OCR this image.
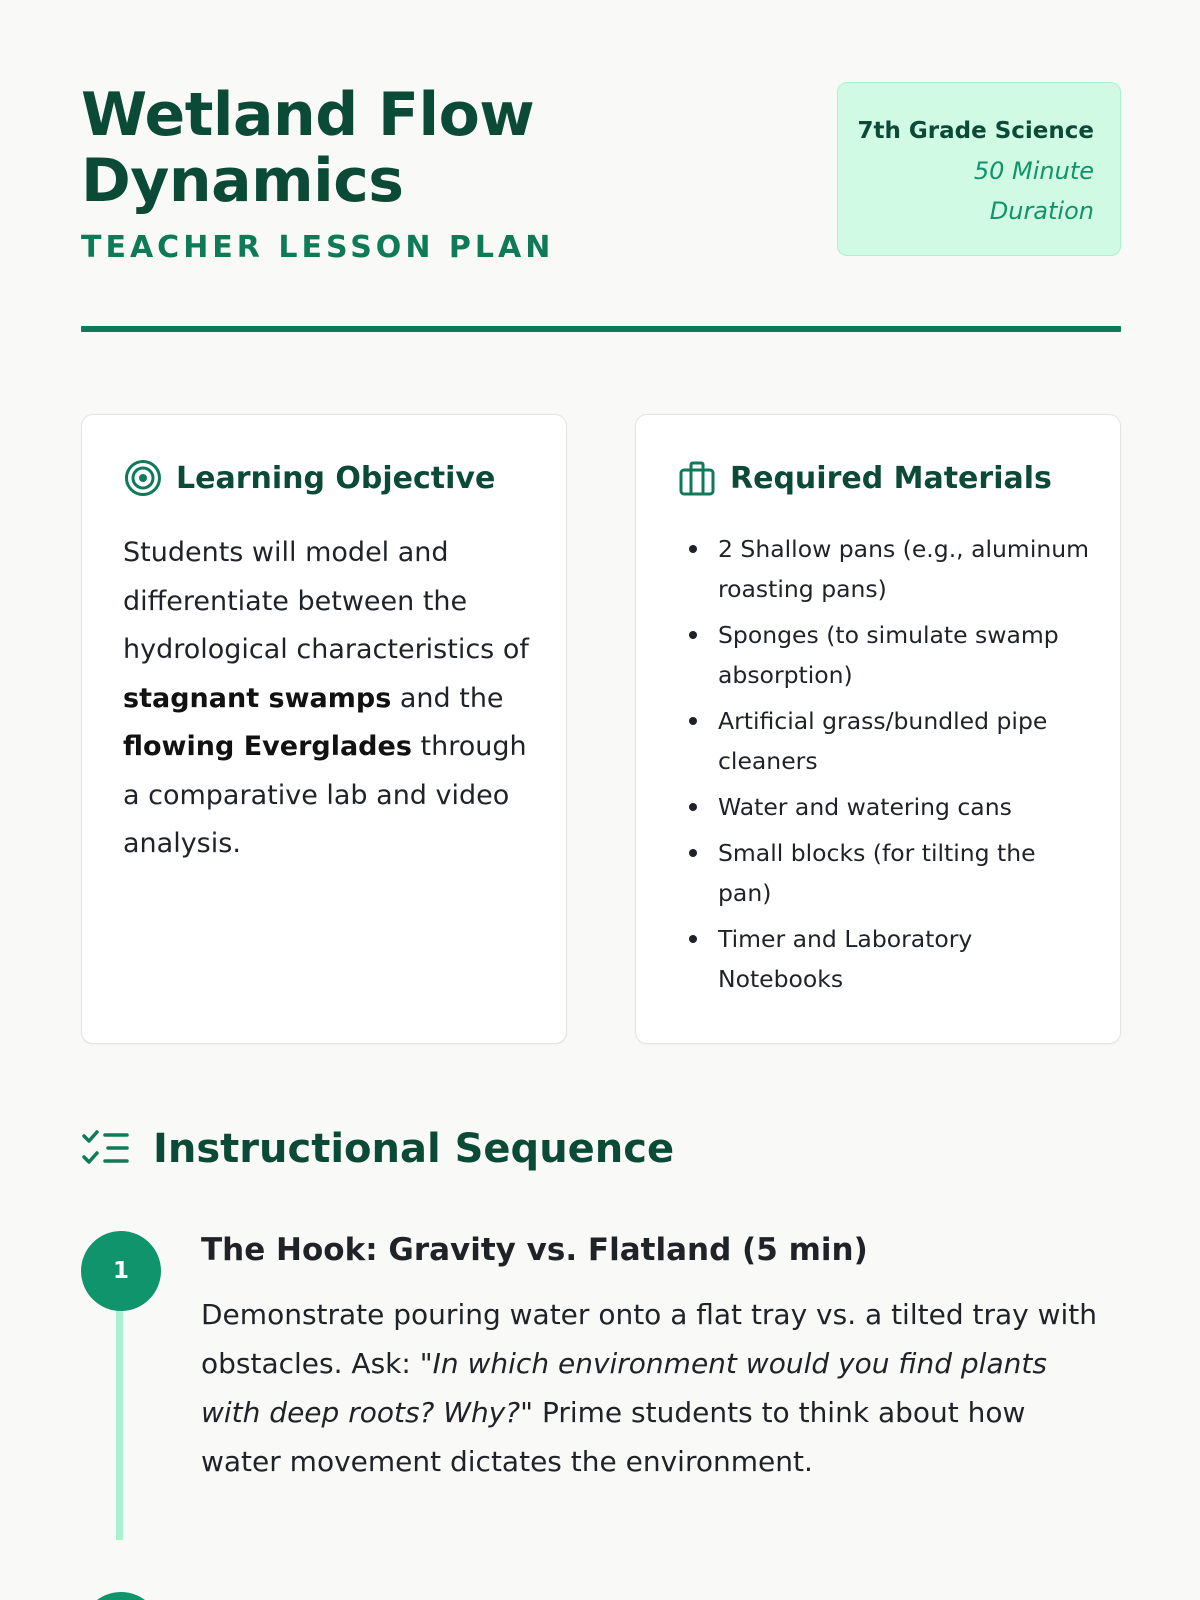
Wetland Flow Dynamics
TEACHER LESSON PLAN
7th Grade Science
50 Minute Duration
Learning Objective

Students will model and differentiate between the hydrological characteristics of stagnant swamps and the flowing Everglades through a comparative lab and video analysis.

Required Materials
2 Shallow pans (e.g., aluminum roasting pans)
Sponges (to simulate swamp absorption)
Artificial grass/bundled pipe cleaners
Water and watering cans
Small blocks (for tilting the pan)
Timer and Laboratory Notebooks
Instructional Sequence
1
The Hook: Gravity vs. Flatland (5 min)

Demonstrate pouring water onto a flat tray vs. a tilted tray with obstacles. Ask: "In which environment would you find plants with deep roots? Why?" Prime students to think about how water movement dictates the environment.
